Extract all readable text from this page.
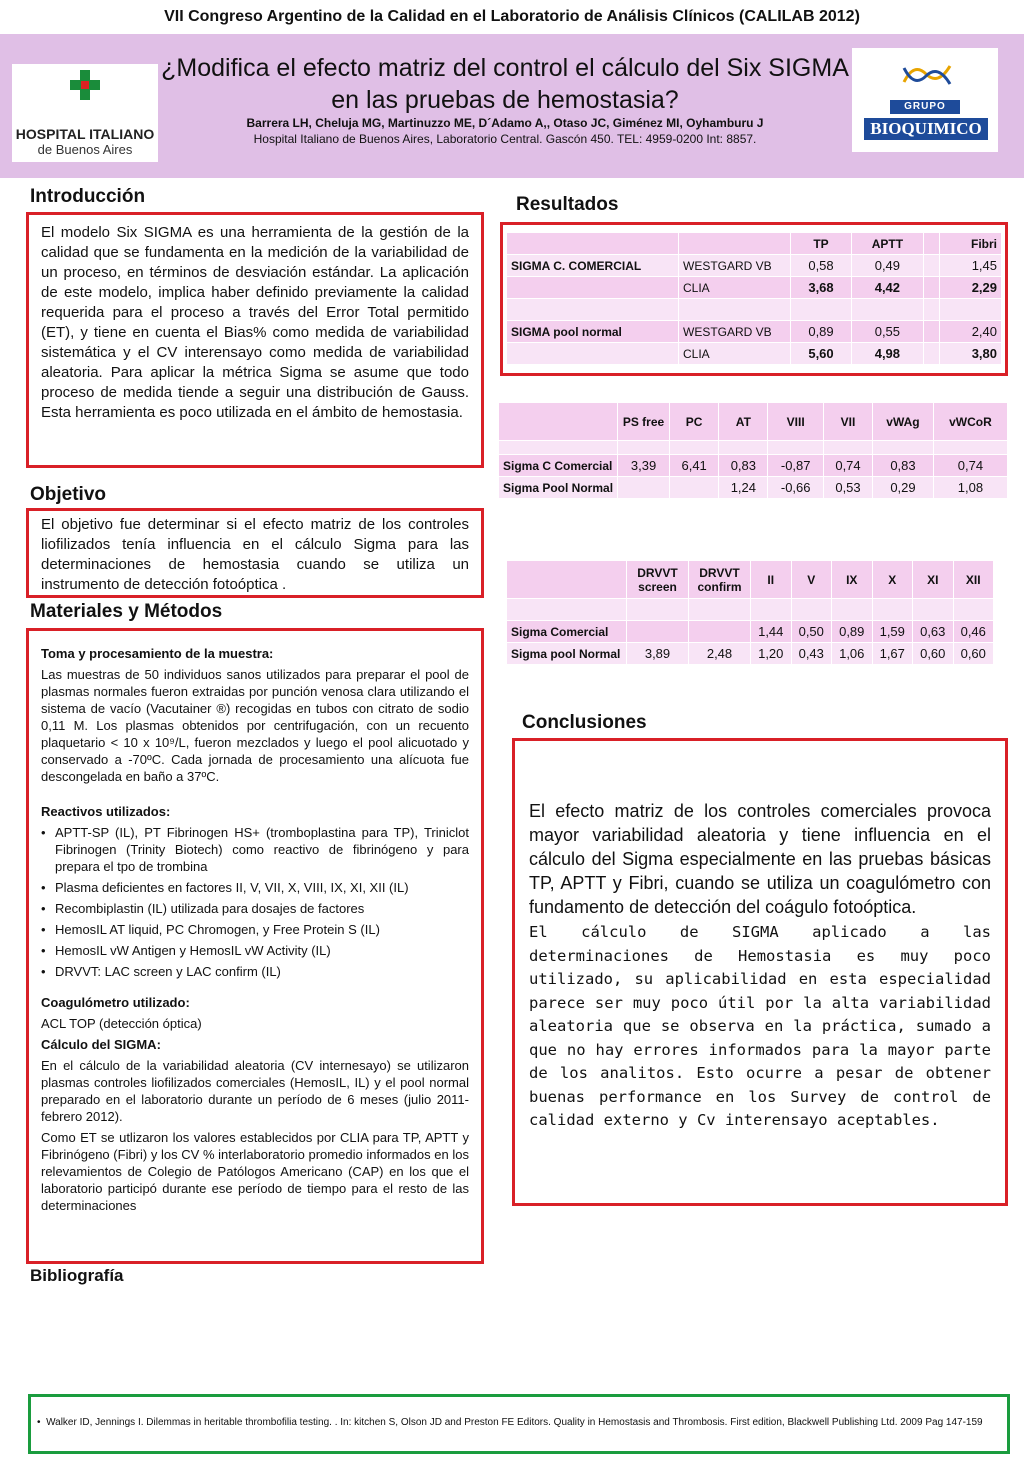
VII Congreso Argentino de la Calidad en el Laboratorio de Análisis Clínicos (CALILAB 2012)
HOSPITAL ITALIANO
de Buenos Aires
¿Modifica el efecto matriz del control el cálculo del Six SIGMA en las pruebas de hemostasia?
Barrera LH, Cheluja MG, Martinuzzo ME, D´Adamo A,, Otaso JC, Giménez MI, Oyhamburu J
Hospital Italiano de Buenos Aires, Laboratorio Central. Gascón 450. TEL: 4959-0200 Int: 8857.
GRUPO
BIOQUIMICO
Introducción
El modelo Six SIGMA es una herramienta de la gestión de la calidad que se fundamenta en la medición de la variabilidad de un proceso, en términos de desviación estándar. La aplicación de este modelo, implica haber definido previamente la calidad requerida para el proceso a través del Error Total permitido (ET), y tiene en cuenta el Bias% como medida de variabilidad sistemática y el CV interensayo como medida de variabilidad aleatoria. Para aplicar la métrica Sigma se asume que todo proceso de medida tiende a seguir una distribución de Gauss. Esta herramienta es poco utilizada en el ámbito de hemostasia.
Objetivo
El objetivo fue determinar si el efecto matriz de los controles liofilizados tenía influencia en el cálculo Sigma para las determinaciones de hemostasia cuando se utiliza un instrumento de detección fotoóptica .
Materiales y Métodos
Toma y procesamiento de la muestra:
Las muestras de 50 individuos sanos utilizados para preparar el pool de plasmas normales fueron extraidas por punción venosa clara utilizando el sistema de vacío (Vacutainer ®) recogidas en tubos con citrato de sodio 0,11 M. Los plasmas obtenidos por centrifugación, con un recuento plaquetario < 10 x 10⁹/L, fueron mezclados y luego el pool alicuotado y conservado a -70ºC. Cada jornada de procesamiento una alícuota fue descongelada en baño a 37ºC.
Reactivos utilizados:
• APTT-SP (IL), PT Fibrinogen HS+ (tromboplastina para TP), Triniclot Fibrinogen (Trinity Biotech) como reactivo de fibrinógeno y para prepara el tpo de trombina
• Plasma deficientes en factores II, V, VII, X, VIII, IX, XI, XII (IL)
• Recombiplastin (IL) utilizada para dosajes de factores
• HemosIL AT liquid, PC Chromogen, y Free Protein S (IL)
• HemosIL vW Antigen y HemosIL vW Activity (IL)
• DRVVT: LAC screen y LAC confirm (IL)
Coagulómetro utilizado:
ACL TOP (detección óptica)
Cálculo del SIGMA:
En el cálculo de la variabilidad aleatoria (CV internesayo) se utilizaron plasmas controles liofilizados comerciales (HemosIL, IL) y el pool normal preparado en el laboratorio durante un período de 6 meses (julio 2011-febrero 2012).
Como ET se utlizaron los valores establecidos por CLIA para TP, APTT y Fibrinógeno (Fibri) y los CV % interlaboratorio promedio informados en los relevamientos de Colegio de Patólogos Americano (CAP) en los que el laboratorio participó durante ese período de tiempo para el resto de las determinaciones
Bibliografía
Resultados
		TP	APTT		Fibri
SIGMA C. COMERCIAL	WESTGARD VB	0,58	0,49		1,45
	CLIA	3,68	4,42		2,29

SIGMA pool normal	WESTGARD VB	0,89	0,55		2,40
	CLIA	5,60	4,98		3,80
	PS free	PC	AT	VIII	VII	vWAg	vWCoR

Sigma C Comercial	3,39	6,41	0,83	-0,87	0,74	0,83	0,74
Sigma Pool Normal			1,24	-0,66	0,53	0,29	1,08
	DRVVT screen	DRVVT confirm	II	V	IX	X	XI	XII

Sigma Comercial			1,44	0,50	0,89	1,59	0,63	0,46
Sigma pool Normal	3,89	2,48	1,20	0,43	1,06	1,67	0,60	0,60
Conclusiones
El efecto matriz de los controles comerciales provoca mayor variabilidad aleatoria y tiene influencia en el cálculo del Sigma especialmente en las pruebas básicas TP, APTT y Fibri, cuando se utiliza un coagulómetro con fundamento de detección del coágulo fotoóptica.
El cálculo de SIGMA aplicado a las determinaciones de Hemostasia es muy poco utilizado, su aplicabilidad en esta especialidad parece ser muy poco útil por la alta variabilidad aleatoria que se observa en la práctica, sumado a que no hay errores informados para la mayor parte de los analitos. Esto ocurre a pesar de obtener buenas performance en los Survey de control de calidad externo y Cv interensayo aceptables.
•  Walker ID, Jennings I. Dilemmas in heritable thrombofilia testing. . In: kitchen S, Olson JD and Preston FE Editors. Quality in Hemostasis and Thrombosis. First edition, Blackwell Publishing Ltd. 2009 Pag 147-159
